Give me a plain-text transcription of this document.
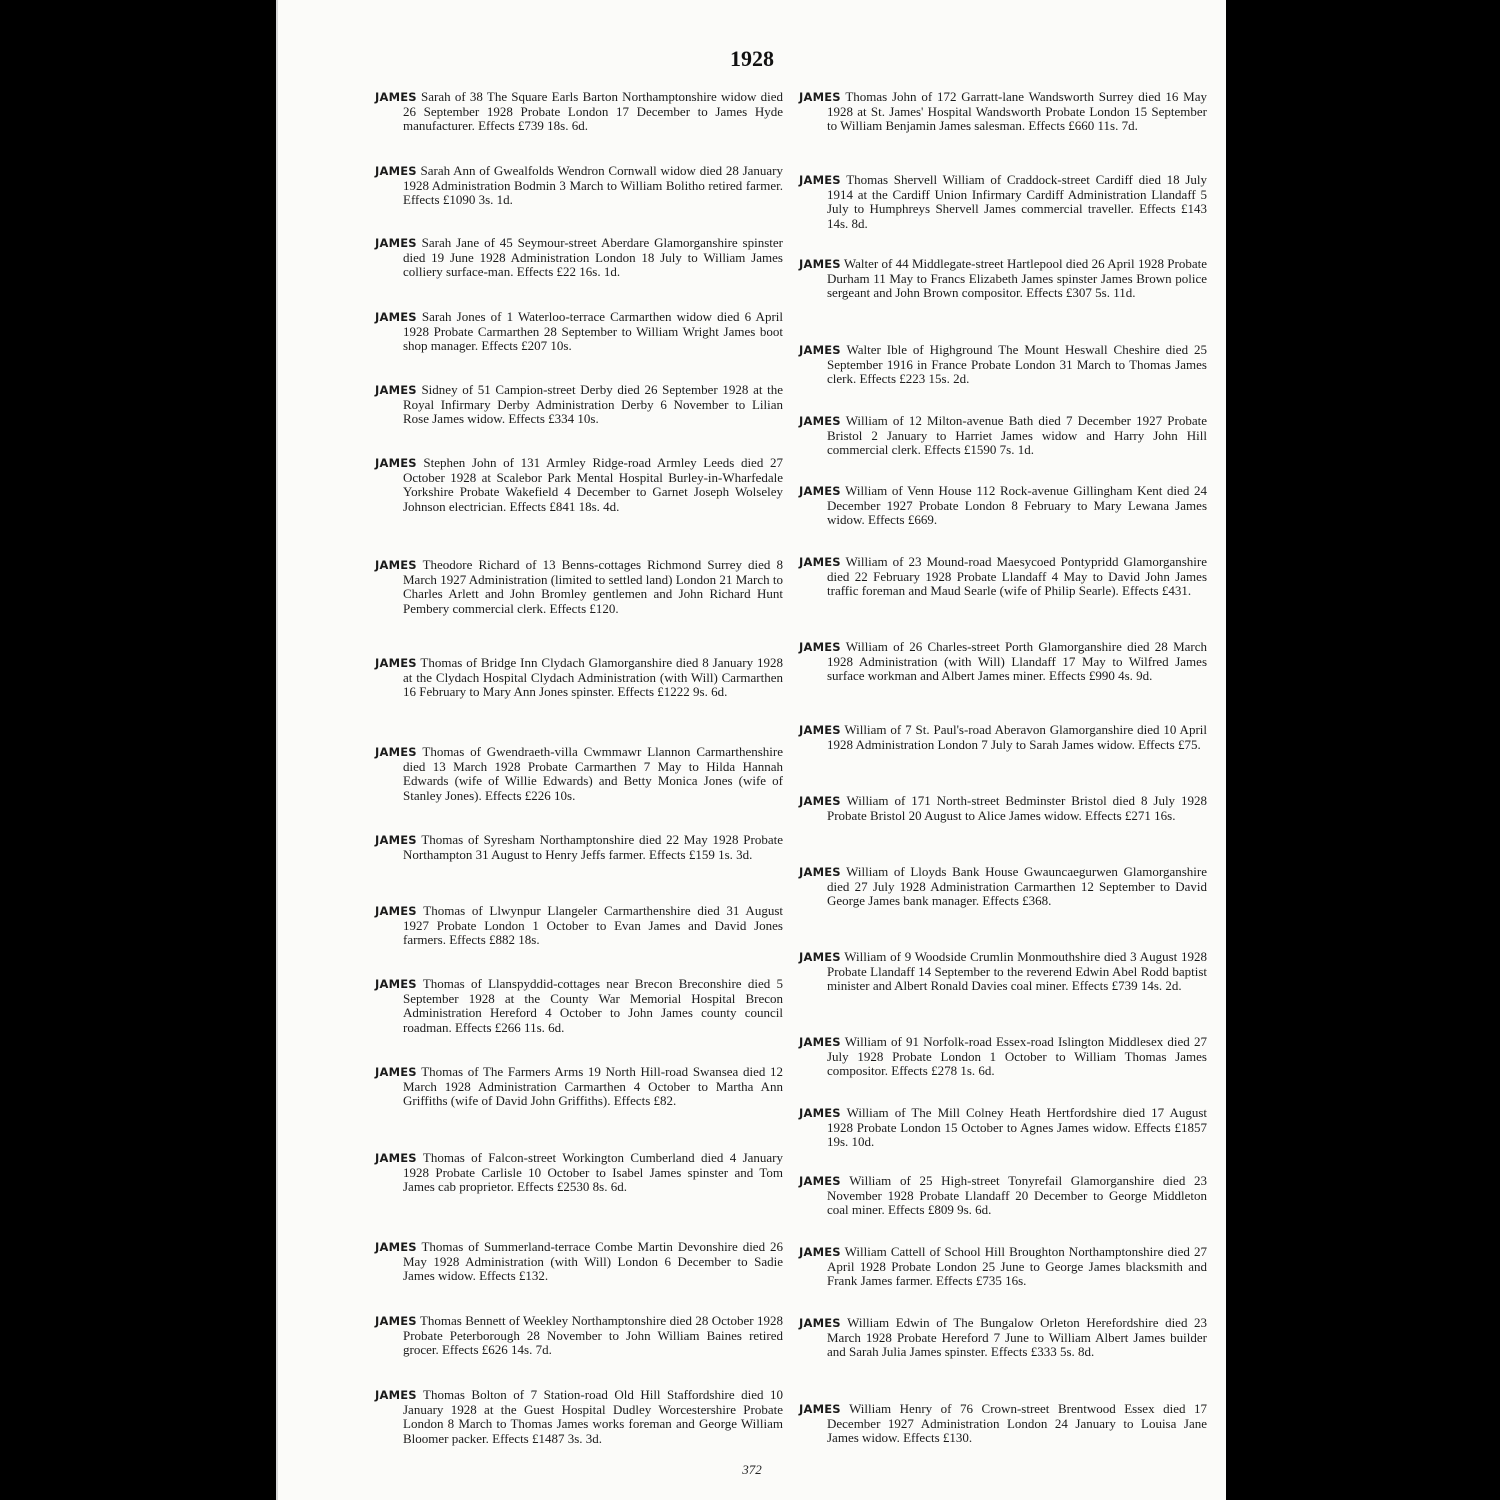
1928
JAMES Sarah of 38 The Square Earls Barton Northamptonshire widow died 26 September 1928 Probate London 17 December to James Hyde manufacturer. Effects £739 18s. 6d.
JAMES Sarah Ann of Gwealfolds Wendron Cornwall widow died 28 January 1928 Administration Bodmin 3 March to William Bolitho retired farmer. Effects £1090 3s. 1d.
JAMES Sarah Jane of 45 Seymour-street Aberdare Glamorganshire spinster died 19 June 1928 Administration London 18 July to William James colliery surface-man. Effects £22 16s. 1d.
JAMES Sarah Jones of 1 Waterloo-terrace Carmarthen widow died 6 April 1928 Probate Carmarthen 28 September to William Wright James boot shop manager. Effects £207 10s.
JAMES Sidney of 51 Campion-street Derby died 26 September 1928 at the Royal Infirmary Derby Administration Derby 6 November to Lilian Rose James widow. Effects £334 10s.
JAMES Stephen John of 131 Armley Ridge-road Armley Leeds died 27 October 1928 at Scalebor Park Mental Hospital Burley-in-Wharfedale Yorkshire Probate Wakefield 4 December to Garnet Joseph Wolseley Johnson electrician. Effects £841 18s. 4d.
JAMES Theodore Richard of 13 Benns-cottages Richmond Surrey died 8 March 1927 Administration (limited to settled land) London 21 March to Charles Arlett and John Bromley gentlemen and John Richard Hunt Pembery commercial clerk. Effects £120.
JAMES Thomas of Bridge Inn Clydach Glamorganshire died 8 January 1928 at the Clydach Hospital Clydach Administration (with Will) Carmarthen 16 February to Mary Ann Jones spinster. Effects £1222 9s. 6d.
JAMES Thomas of Gwendraeth-villa Cwmmawr Llannon Carmarthenshire died 13 March 1928 Probate Carmarthen 7 May to Hilda Hannah Edwards (wife of Willie Edwards) and Betty Monica Jones (wife of Stanley Jones). Effects £226 10s.
JAMES Thomas of Syresham Northamptonshire died 22 May 1928 Probate Northampton 31 August to Henry Jeffs farmer. Effects £159 1s. 3d.
JAMES Thomas of Llwynpur Llangeler Carmarthenshire died 31 August 1927 Probate London 1 October to Evan James and David Jones farmers. Effects £882 18s.
JAMES Thomas of Llanspyddid-cottages near Brecon Breconshire died 5 September 1928 at the County War Memorial Hospital Brecon Administration Hereford 4 October to John James county council roadman. Effects £266 11s. 6d.
JAMES Thomas of The Farmers Arms 19 North Hill-road Swansea died 12 March 1928 Administration Carmarthen 4 October to Martha Ann Griffiths (wife of David John Griffiths). Effects £82.
JAMES Thomas of Falcon-street Workington Cumberland died 4 January 1928 Probate Carlisle 10 October to Isabel James spinster and Tom James cab proprietor. Effects £2530 8s. 6d.
JAMES Thomas of Summerland-terrace Combe Martin Devonshire died 26 May 1928 Administration (with Will) London 6 December to Sadie James widow. Effects £132.
JAMES Thomas Bennett of Weekley Northamptonshire died 28 October 1928 Probate Peterborough 28 November to John William Baines retired grocer. Effects £626 14s. 7d.
JAMES Thomas Bolton of 7 Station-road Old Hill Staffordshire died 10 January 1928 at the Guest Hospital Dudley Worcestershire Probate London 8 March to Thomas James works foreman and George William Bloomer packer. Effects £1487 3s. 3d.
JAMES Thomas John of 172 Garratt-lane Wandsworth Surrey died 16 May 1928 at St. James' Hospital Wandsworth Probate London 15 September to William Benjamin James salesman. Effects £660 11s. 7d.
JAMES Thomas Shervell William of Craddock-street Cardiff died 18 July 1914 at the Cardiff Union Infirmary Cardiff Administration Llandaff 5 July to Humphreys Shervell James commercial traveller. Effects £143 14s. 8d.
JAMES Walter of 44 Middlegate-street Hartlepool died 26 April 1928 Probate Durham 11 May to Francs Elizabeth James spinster James Brown police sergeant and John Brown compositor. Effects £307 5s. 11d.
JAMES Walter Ible of Highground The Mount Heswall Cheshire died 25 September 1916 in France Probate London 31 March to Thomas James clerk. Effects £223 15s. 2d.
JAMES William of 12 Milton-avenue Bath died 7 December 1927 Probate Bristol 2 January to Harriet James widow and Harry John Hill commercial clerk. Effects £1590 7s. 1d.
JAMES William of Venn House 112 Rock-avenue Gillingham Kent died 24 December 1927 Probate London 8 February to Mary Lewana James widow. Effects £669.
JAMES William of 23 Mound-road Maesycoed Pontypridd Glamorganshire died 22 February 1928 Probate Llandaff 4 May to David John James traffic foreman and Maud Searle (wife of Philip Searle). Effects £431.
JAMES William of 26 Charles-street Porth Glamorganshire died 28 March 1928 Administration (with Will) Llandaff 17 May to Wilfred James surface workman and Albert James miner. Effects £990 4s. 9d.
JAMES William of 7 St. Paul's-road Aberavon Glamorganshire died 10 April 1928 Administration London 7 July to Sarah James widow. Effects £75.
JAMES William of 171 North-street Bedminster Bristol died 8 July 1928 Probate Bristol 20 August to Alice James widow. Effects £271 16s.
JAMES William of Lloyds Bank House Gwauncaegurwen Glamorganshire died 27 July 1928 Administration Carmarthen 12 September to David George James bank manager. Effects £368.
JAMES William of 9 Woodside Crumlin Monmouthshire died 3 August 1928 Probate Llandaff 14 September to the reverend Edwin Abel Rodd baptist minister and Albert Ronald Davies coal miner. Effects £739 14s. 2d.
JAMES William of 91 Norfolk-road Essex-road Islington Middlesex died 27 July 1928 Probate London 1 October to William Thomas James compositor. Effects £278 1s. 6d.
JAMES William of The Mill Colney Heath Hertfordshire died 17 August 1928 Probate London 15 October to Agnes James widow. Effects £1857 19s. 10d.
JAMES William of 25 High-street Tonyrefail Glamorganshire died 23 November 1928 Probate Llandaff 20 December to George Middleton coal miner. Effects £809 9s. 6d.
JAMES William Cattell of School Hill Broughton Northamptonshire died 27 April 1928 Probate London 25 June to George James blacksmith and Frank James farmer. Effects £735 16s.
JAMES William Edwin of The Bungalow Orleton Herefordshire died 23 March 1928 Probate Hereford 7 June to William Albert James builder and Sarah Julia James spinster. Effects £333 5s. 8d.
JAMES William Henry of 76 Crown-street Brentwood Essex died 17 December 1927 Administration London 24 January to Louisa Jane James widow. Effects £130.
372
